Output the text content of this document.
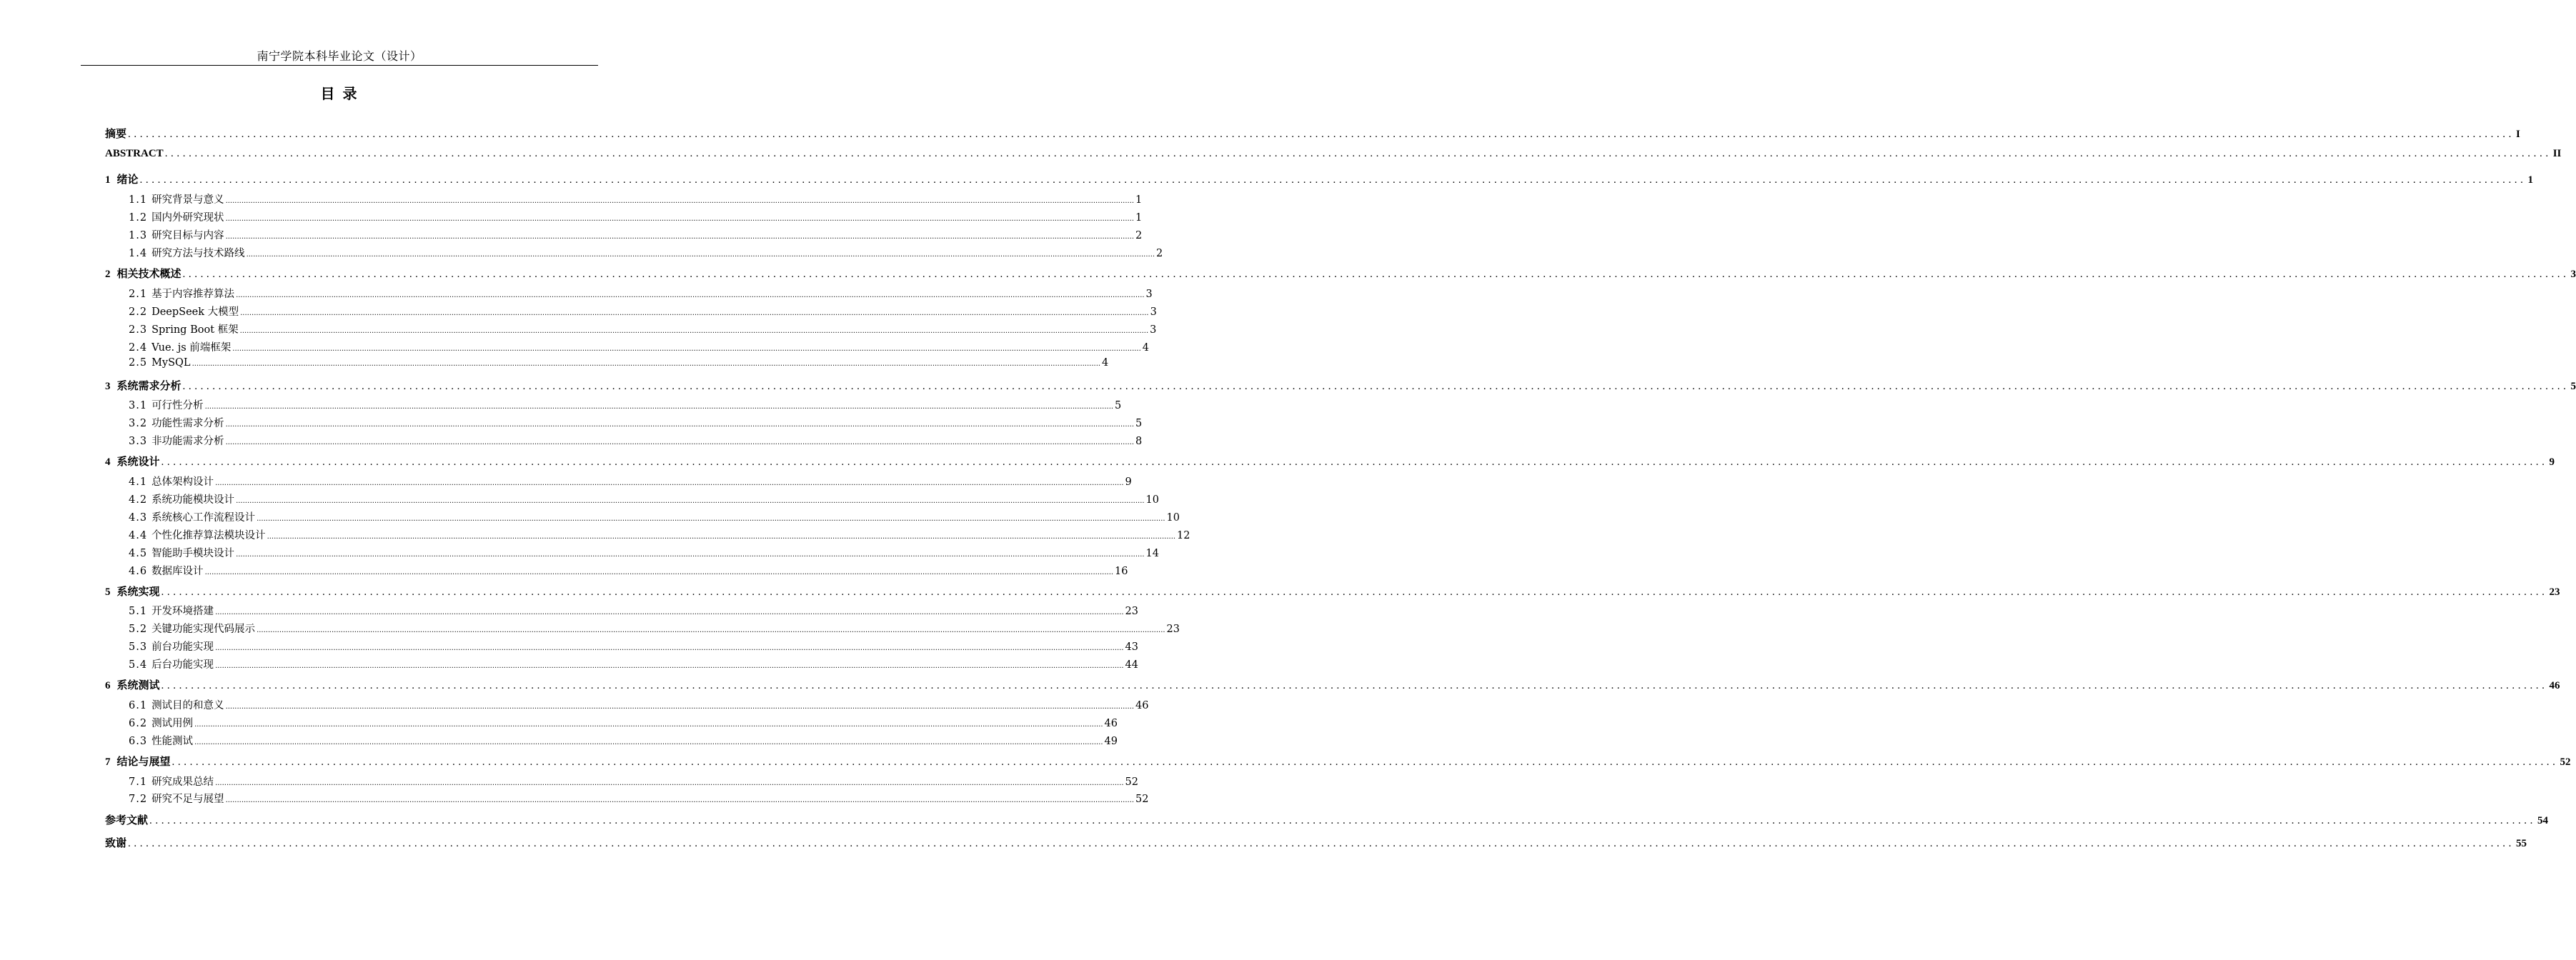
南宁学院本科毕业论文（设计）
目 录
摘要 ................................................................................................................................................................................................................................................................................................................................................................................................................ I
ABSTRACT ................................................................................................................................................................................................................................................................................................................................................................................................................ II
1 绪论 ................................................................................................................................................................................................................................................................................................................................................................................................................ 1
1.1 研究背景与意义 ................................................................................................................................................................................................................................................................................................................................................................................................................ 1
1.2 国内外研究现状 ................................................................................................................................................................................................................................................................................................................................................................................................................ 1
1.3 研究目标与内容 ................................................................................................................................................................................................................................................................................................................................................................................................................ 2
1.4 研究方法与技术路线 ................................................................................................................................................................................................................................................................................................................................................................................................................ 2
2 相关技术概述 ................................................................................................................................................................................................................................................................................................................................................................................................................ 3
2.1 基于内容推荐算法 ................................................................................................................................................................................................................................................................................................................................................................................................................ 3
2.2 DeepSeek 大模型 ................................................................................................................................................................................................................................................................................................................................................................................................................ 3
2.3 Spring Boot 框架 ................................................................................................................................................................................................................................................................................................................................................................................................................ 3
2.4 Vue. js 前端框架 ................................................................................................................................................................................................................................................................................................................................................................................................................ 4
2.5 MySQL ................................................................................................................................................................................................................................................................................................................................................................................................................ 4
3 系统需求分析 ................................................................................................................................................................................................................................................................................................................................................................................................................ 5
3.1 可行性分析 ................................................................................................................................................................................................................................................................................................................................................................................................................ 5
3.2 功能性需求分析 ................................................................................................................................................................................................................................................................................................................................................................................................................ 5
3.3 非功能需求分析 ................................................................................................................................................................................................................................................................................................................................................................................................................ 8
4 系统设计 ................................................................................................................................................................................................................................................................................................................................................................................................................ 9
4.1 总体架构设计 ................................................................................................................................................................................................................................................................................................................................................................................................................ 9
4.2 系统功能模块设计 ................................................................................................................................................................................................................................................................................................................................................................................................................ 10
4.3 系统核心工作流程设计 ................................................................................................................................................................................................................................................................................................................................................................................................................ 10
4.4 个性化推荐算法模块设计 ................................................................................................................................................................................................................................................................................................................................................................................................................ 12
4.5 智能助手模块设计 ................................................................................................................................................................................................................................................................................................................................................................................................................ 14
4.6 数据库设计 ................................................................................................................................................................................................................................................................................................................................................................................................................ 16
5 系统实现 ................................................................................................................................................................................................................................................................................................................................................................................................................ 23
5.1 开发环境搭建 ................................................................................................................................................................................................................................................................................................................................................................................................................ 23
5.2 关键功能实现代码展示 ................................................................................................................................................................................................................................................................................................................................................................................................................ 23
5.3 前台功能实现 ................................................................................................................................................................................................................................................................................................................................................................................................................ 43
5.4 后台功能实现 ................................................................................................................................................................................................................................................................................................................................................................................................................ 44
6 系统测试 ................................................................................................................................................................................................................................................................................................................................................................................................................ 46
6.1 测试目的和意义 ................................................................................................................................................................................................................................................................................................................................................................................................................ 46
6.2 测试用例 ................................................................................................................................................................................................................................................................................................................................................................................................................ 46
6.3 性能测试 ................................................................................................................................................................................................................................................................................................................................................................................................................ 49
7 结论与展望 ................................................................................................................................................................................................................................................................................................................................................................................................................ 52
7.1 研究成果总结 ................................................................................................................................................................................................................................................................................................................................................................................................................ 52
7.2 研究不足与展望 ................................................................................................................................................................................................................................................................................................................................................................................................................ 52
参考文献 ................................................................................................................................................................................................................................................................................................................................................................................................................ 54
致谢 ................................................................................................................................................................................................................................................................................................................................................................................................................ 55
